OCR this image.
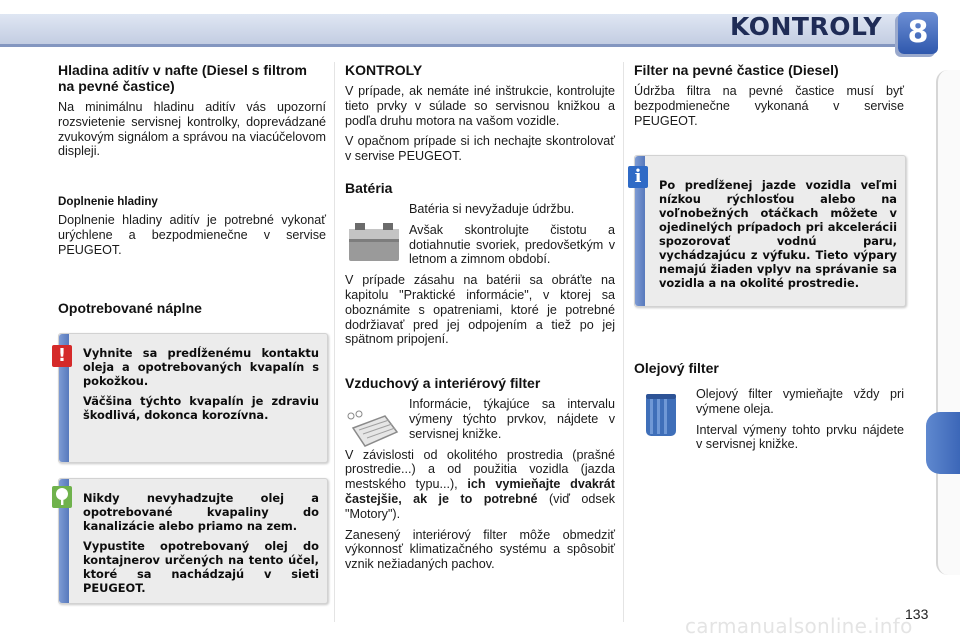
KONTROLY 8
Hladina aditív v nafte (Diesel s filtrom na pevné častice)

Na minimálnu hladinu aditív vás upozorní rozsvietenie servisnej kontrolky, doprevádzané zvukovým signálom a správou na viacúčelovom displeji.

Doplnenie hladiny

Doplnenie hladiny aditív je potrebné vykonať urýchlene a bezpodmienečne v servise PEUGEOT.

Opotrebované náplne

Vyhnite sa predĺženému kontaktu oleja a opotrebovaných kvapalín s pokožkou.

Väčšina týchto kvapalín je zdraviu škodlivá, dokonca korozívna.

!

Nikdy nevyhadzujte olej a opotrebované kvapaliny do kanalizácie alebo priamo na zem.

Vypustite opotrebovaný olej do kontajnerov určených na tento účel, ktoré sa nachádzajú v sieti PEUGEOT.

KONTROLY

V prípade, ak nemáte iné inštrukcie, kontrolujte tieto prvky v súlade so servisnou knižkou a podľa druhu motora na vašom vozidle.

V opačnom prípade si ich nechajte skontrolovať v servise PEUGEOT.

Batéria

Batéria si nevyžaduje údržbu.

Avšak skontrolujte čistotu a dotiahnutie svoriek, predovšetkým v letnom a zimnom období.

V prípade zásahu na batérii sa obráťte na kapitolu "Praktické informácie", v ktorej sa oboznámite s opatreniami, ktoré je potrebné dodržiavať pred jej odpojením a tiež po jej spätnom pripojení.

Vzduchový a interiérový filter

Informácie, týkajúce sa intervalu výmeny týchto prvkov, nájdete v servisnej knižke.

V závislosti od okolitého prostredia (prašné prostredie...) a od použitia vozidla (jazda mestského typu...), ich vymieňajte dvakrát častejšie, ak je to potrebné (viď odsek "Motory").

Zanesený interiérový filter môže obmedziť výkonnosť klimatizačného systému a spôsobiť vznik nežiadaných pachov.

Filter na pevné častice (Diesel)

Údržba filtra na pevné častice musí byť bezpodmienečne vykonaná v servise PEUGEOT.

Po predĺženej jazde vozidla veľmi nízkou rýchlosťou alebo na voľnobežných otáčkach môžete v ojedinelých prípadoch pri akcelerácii spozorovať vodnú paru, vychádzajúcu z výfuku. Tieto výpary nemajú žiaden vplyv na správanie sa vozidla a na okolité prostredie.

i
Olejový filter

Olejový filter vymieňajte vždy pri výmene oleja.

Interval výmeny tohto prvku nájdete v servisnej knižke.

carmanualsonline.info
133
